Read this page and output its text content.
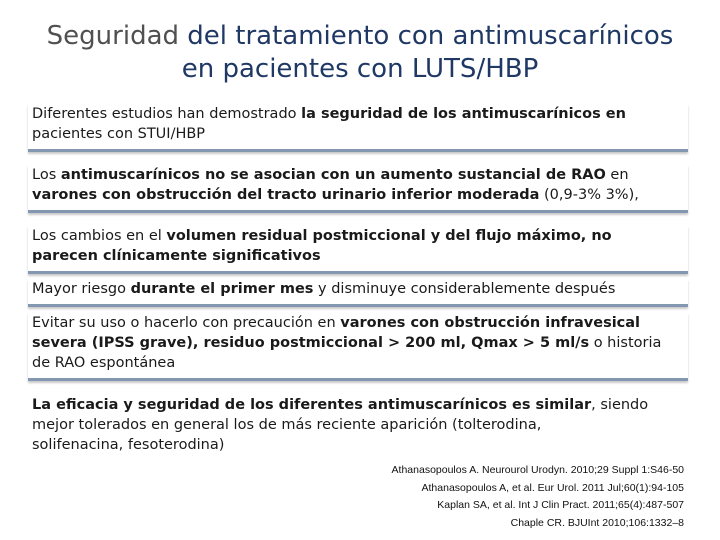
Seguridad del tratamiento con antimuscarínicos
en pacientes con LUTS/HBP
Diferentes estudios han demostrado la seguridad de los antimuscarínicos en
pacientes con STUI/HBP
Los antimuscarínicos no se asocian con un aumento sustancial de RAO en
varones con obstrucción del tracto urinario inferior moderada (0,9-3% 3%),
Los cambios en el volumen residual postmiccional y del flujo máximo, no
parecen clínicamente significativos
Mayor riesgo durante el primer mes y disminuye considerablemente después
Evitar su uso o hacerlo con precaución en varones con obstrucción infravesical
severa (IPSS grave), residuo postmiccional > 200 ml, Qmax > 5 ml/s o historia
de RAO espontánea
La eficacia y seguridad de los diferentes antimuscarínicos es similar, siendo
mejor tolerados en general los de más reciente aparición (tolterodina,
solifenacina, fesoterodina)
Athanasopoulos A. Neurourol Urodyn. 2010;29 Suppl 1:S46-50
Athanasopoulos A, et al. Eur Urol. 2011 Jul;60(1):94-105
Kaplan SA, et al. Int J Clin Pract. 2011;65(4):487-507
Chaple CR. BJUInt 2010;106:1332–8
